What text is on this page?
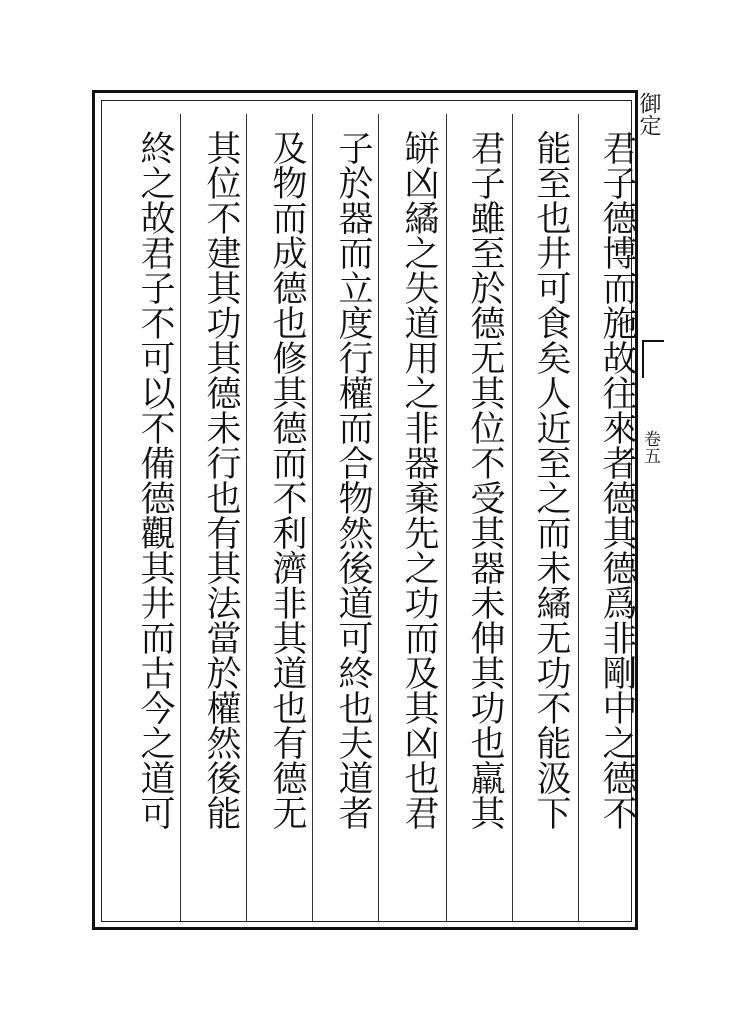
御定
卷五
君子德博而施故往來者德其德爲非剛中之德不
能至也井可食矣人近至之而未繘无功不能汲下
君子雖至於德无其位不受其器未伸其功也羸其
缾凶繘之失道用之非器棄先之功而及其凶也君
子於器而立度行權而合物然後道可終也夫道者
及物而成德也修其德而不利濟非其道也有德无
其位不建其功其德未行也有其法當於權然後能
終之故君子不可以不備德觀其井而古今之道可
